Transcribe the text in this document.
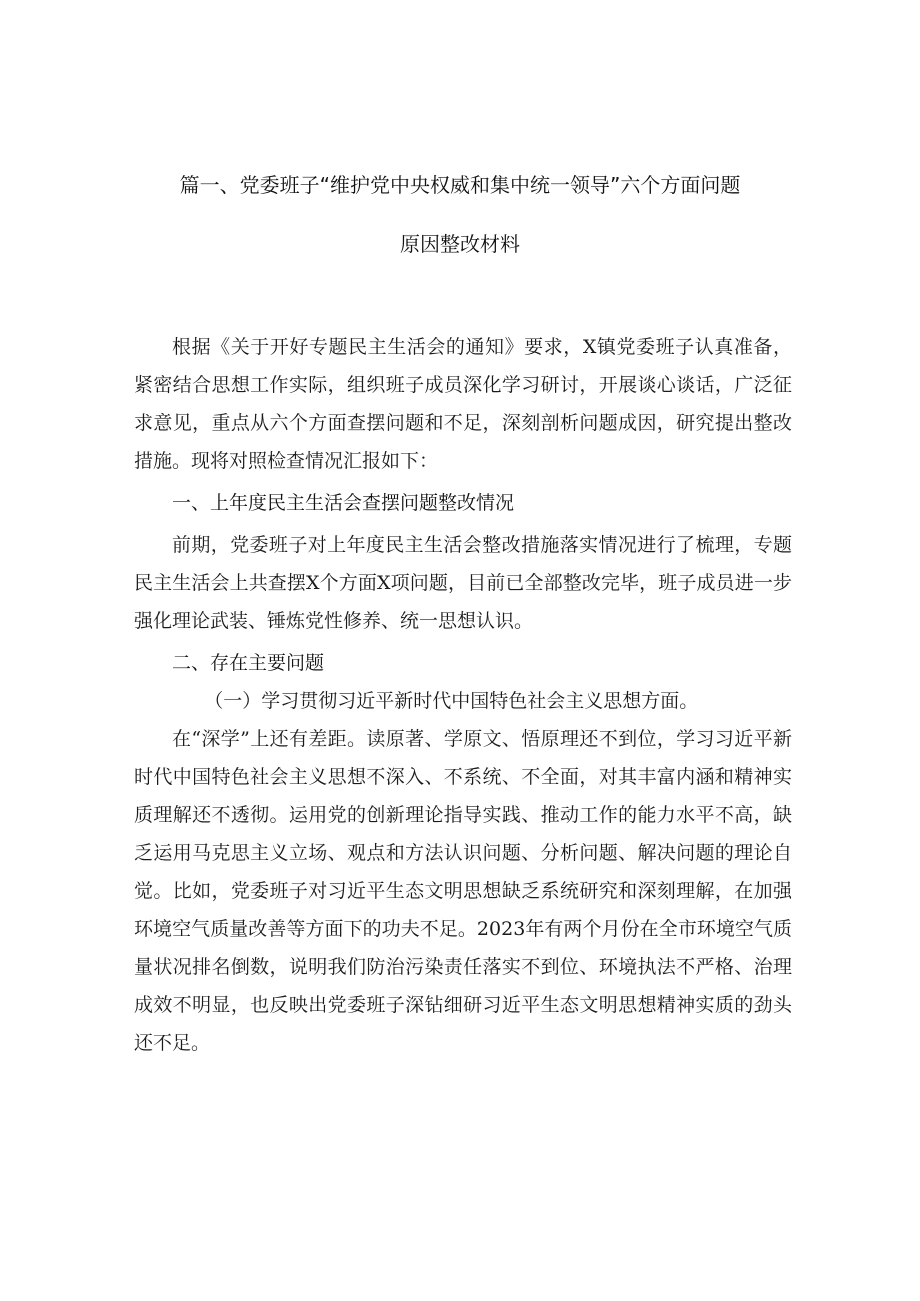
篇一、党委班子“维护党中央权威和集中统一领导”六个方面问题
原因整改材料

根据《关于开好专题民主生活会的通知》要求，X镇党委班子认真准备，紧密结合思想工作实际，组织班子成员深化学习研讨，开展谈心谈话，广泛征求意见，重点从六个方面查摆问题和不足，深刻剖析问题成因，研究提出整改措施。现将对照检查情况汇报如下：

一、上年度民主生活会查摆问题整改情况

前期，党委班子对上年度民主生活会整改措施落实情况进行了梳理，专题民主生活会上共查摆X个方面X项问题，目前已全部整改完毕，班子成员进一步强化理论武装、锤炼党性修养、统一思想认识。

二、存在主要问题

（一）学习贯彻习近平新时代中国特色社会主义思想方面。

在“深学”上还有差距。读原著、学原文、悟原理还不到位，学习习近平新时代中国特色社会主义思想不深入、不系统、不全面，对其丰富内涵和精神实质理解还不透彻。运用党的创新理论指导实践、推动工作的能力水平不高，缺乏运用马克思主义立场、观点和方法认识问题、分析问题、解决问题的理论自觉。比如，党委班子对习近平生态文明思想缺乏系统研究和深刻理解，在加强环境空气质量改善等方面下的功夫不足。2023年有两个月份在全市环境空气质量状况排名倒数，说明我们防治污染责任落实不到位、环境执法不严格、治理成效不明显，也反映出党委班子深钻细研习近平生态文明思想精神实质的劲头还不足。
